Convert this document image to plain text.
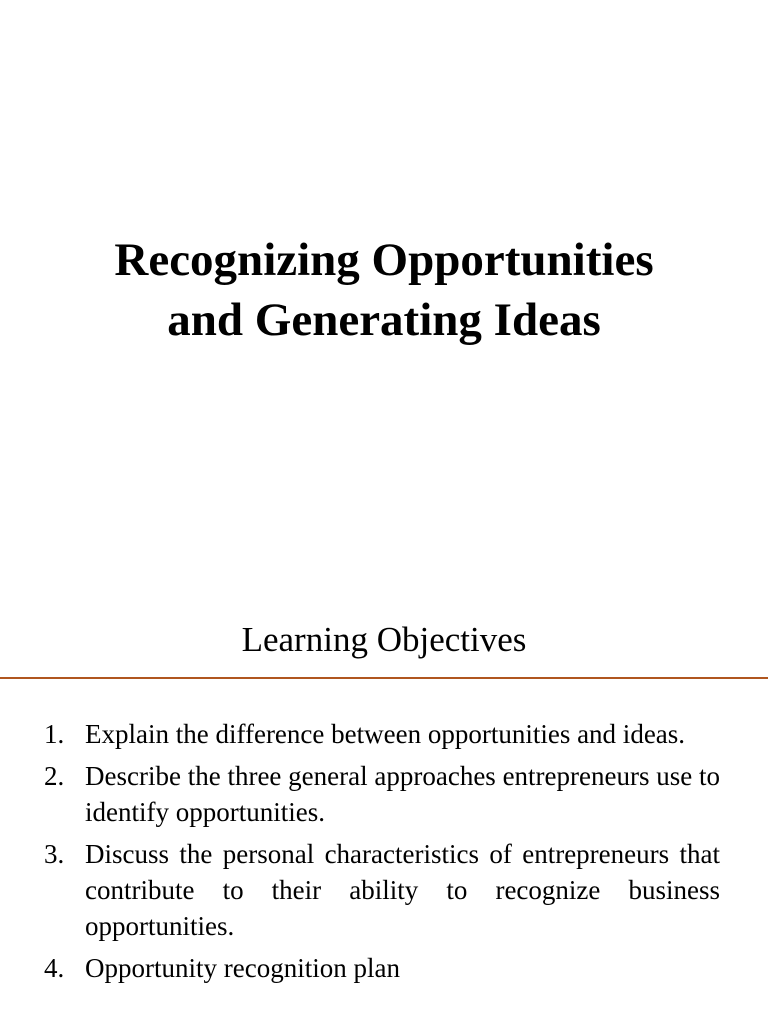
Recognizing Opportunities
and Generating Ideas
Learning Objectives
1. Explain the difference between opportunities and ideas.
2. Describe the three general approaches entrepreneurs use to identify opportunities.
3. Discuss the personal characteristics of entrepreneurs that contribute to their ability to recognize business opportunities.
4. Opportunity recognition plan
